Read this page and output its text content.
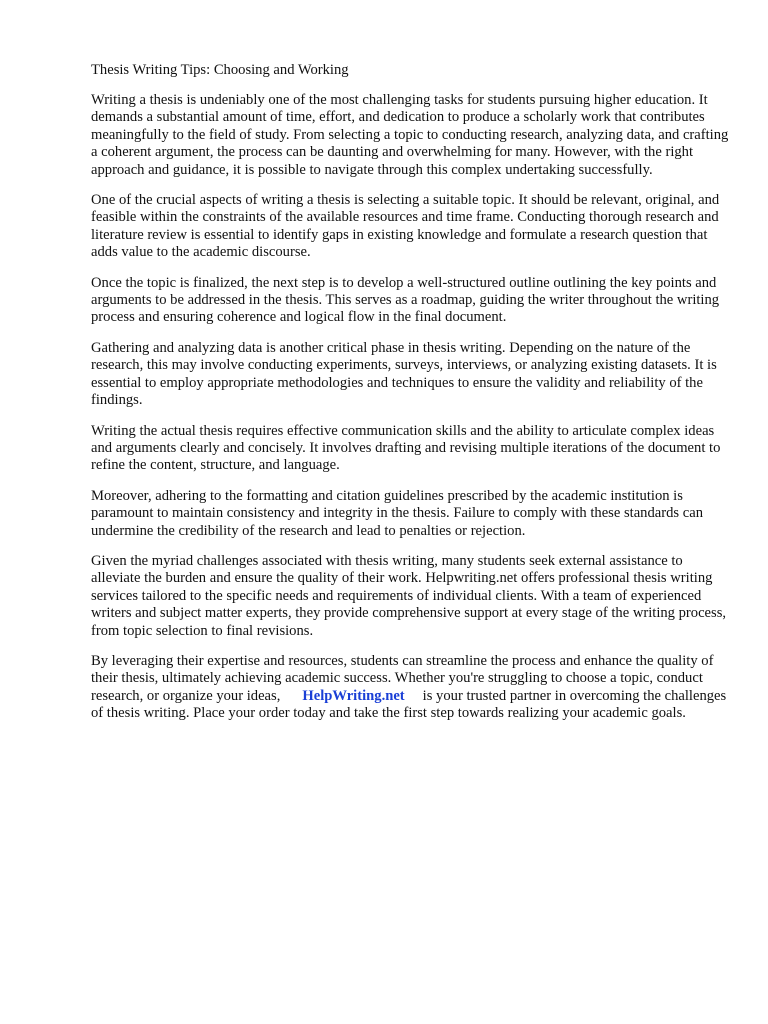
Thesis Writing Tips: Choosing and Working

Writing a thesis is undeniably one of the most challenging tasks for students pursuing higher education. It demands a substantial amount of time, effort, and dedication to produce a scholarly work that contributes meaningfully to the field of study. From selecting a topic to conducting research, analyzing data, and crafting a coherent argument, the process can be daunting and overwhelming for many. However, with the right approach and guidance, it is possible to navigate through this complex undertaking successfully.

One of the crucial aspects of writing a thesis is selecting a suitable topic. It should be relevant, original, and feasible within the constraints of the available resources and time frame. Conducting thorough research and literature review is essential to identify gaps in existing knowledge and formulate a research question that adds value to the academic discourse.

Once the topic is finalized, the next step is to develop a well-structured outline outlining the key points and arguments to be addressed in the thesis. This serves as a roadmap, guiding the writer throughout the writing process and ensuring coherence and logical flow in the final document.

Gathering and analyzing data is another critical phase in thesis writing. Depending on the nature of the research, this may involve conducting experiments, surveys, interviews, or analyzing existing datasets. It is essential to employ appropriate methodologies and techniques to ensure the validity and reliability of the findings.

Writing the actual thesis requires effective communication skills and the ability to articulate complex ideas and arguments clearly and concisely. It involves drafting and revising multiple iterations of the document to refine the content, structure, and language.

Moreover, adhering to the formatting and citation guidelines prescribed by the academic institution is paramount to maintain consistency and integrity in the thesis. Failure to comply with these standards can undermine the credibility of the research and lead to penalties or rejection.

Given the myriad challenges associated with thesis writing, many students seek external assistance to alleviate the burden and ensure the quality of their work. Helpwriting.net offers professional thesis writing services tailored to the specific needs and requirements of individual clients. With a team of experienced writers and subject matter experts, they provide comprehensive support at every stage of the writing process, from topic selection to final revisions.

By leveraging their expertise and resources, students can streamline the process and enhance the quality of their thesis, ultimately achieving academic success. Whether you're struggling to choose a topic, conduct research, or organize your ideas, HelpWriting.net is your trusted partner in overcoming the challenges of thesis writing. Place your order today and take the first step towards realizing your academic goals.
